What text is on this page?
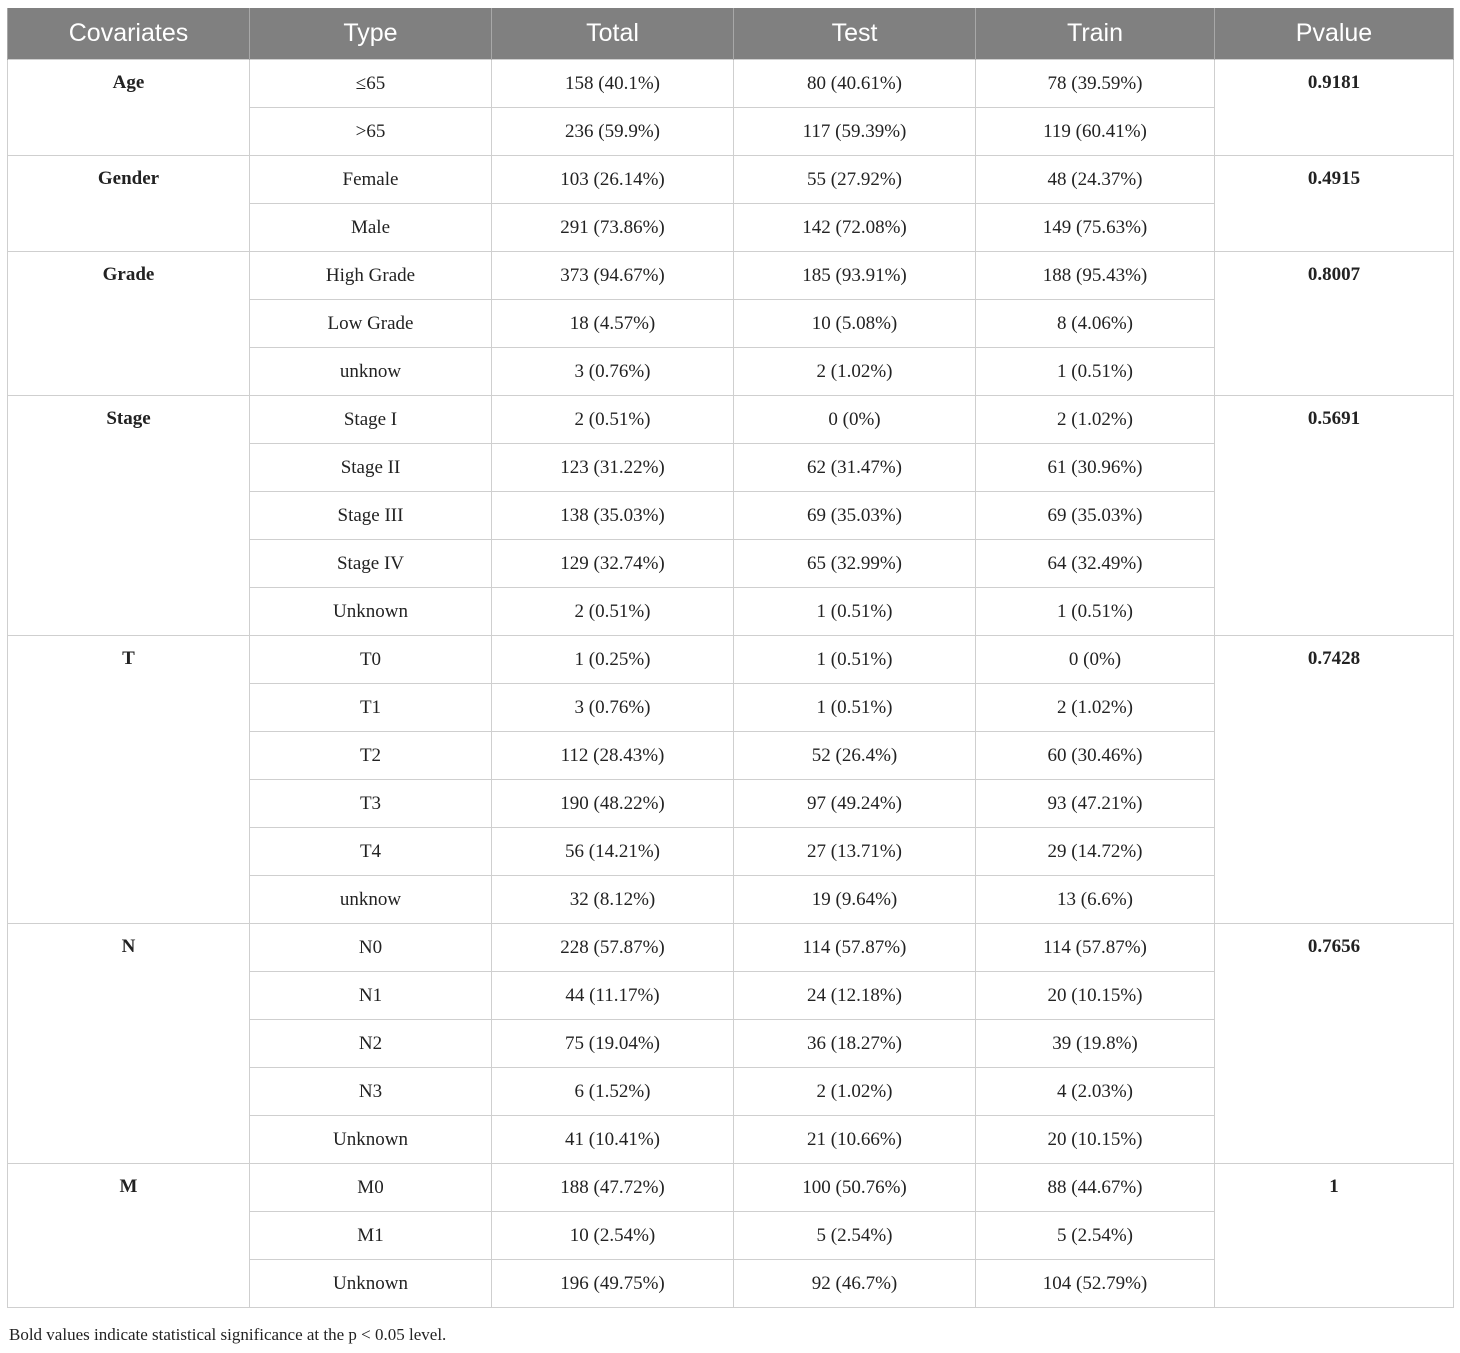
Covariates	Type	Total	Test	Train	Pvalue
Age	≤65	158 (40.1%)	80 (40.61%)	78 (39.59%)	0.9181
	>65	236 (59.9%)	117 (59.39%)	119 (60.41%)	
Gender	Female	103 (26.14%)	55 (27.92%)	48 (24.37%)	0.4915
	Male	291 (73.86%)	142 (72.08%)	149 (75.63%)	
Grade	High Grade	373 (94.67%)	185 (93.91%)	188 (95.43%)	0.8007
	Low Grade	18 (4.57%)	10 (5.08%)	8 (4.06%)	
	unknow	3 (0.76%)	2 (1.02%)	1 (0.51%)	
Stage	Stage I	2 (0.51%)	0 (0%)	2 (1.02%)	0.5691
	Stage II	123 (31.22%)	62 (31.47%)	61 (30.96%)	
	Stage III	138 (35.03%)	69 (35.03%)	69 (35.03%)	
	Stage IV	129 (32.74%)	65 (32.99%)	64 (32.49%)	
	Unknown	2 (0.51%)	1 (0.51%)	1 (0.51%)	
T	T0	1 (0.25%)	1 (0.51%)	0 (0%)	0.7428
	T1	3 (0.76%)	1 (0.51%)	2 (1.02%)	
	T2	112 (28.43%)	52 (26.4%)	60 (30.46%)	
	T3	190 (48.22%)	97 (49.24%)	93 (47.21%)	
	T4	56 (14.21%)	27 (13.71%)	29 (14.72%)	
	unknow	32 (8.12%)	19 (9.64%)	13 (6.6%)	
N	N0	228 (57.87%)	114 (57.87%)	114 (57.87%)	0.7656
	N1	44 (11.17%)	24 (12.18%)	20 (10.15%)	
	N2	75 (19.04%)	36 (18.27%)	39 (19.8%)	
	N3	6 (1.52%)	2 (1.02%)	4 (2.03%)	
	Unknown	41 (10.41%)	21 (10.66%)	20 (10.15%)	
M	M0	188 (47.72%)	100 (50.76%)	88 (44.67%)	1
	M1	10 (2.54%)	5 (2.54%)	5 (2.54%)	
	Unknown	196 (49.75%)	92 (46.7%)	104 (52.79%)	
Bold values indicate statistical significance at the p < 0.05 level.
